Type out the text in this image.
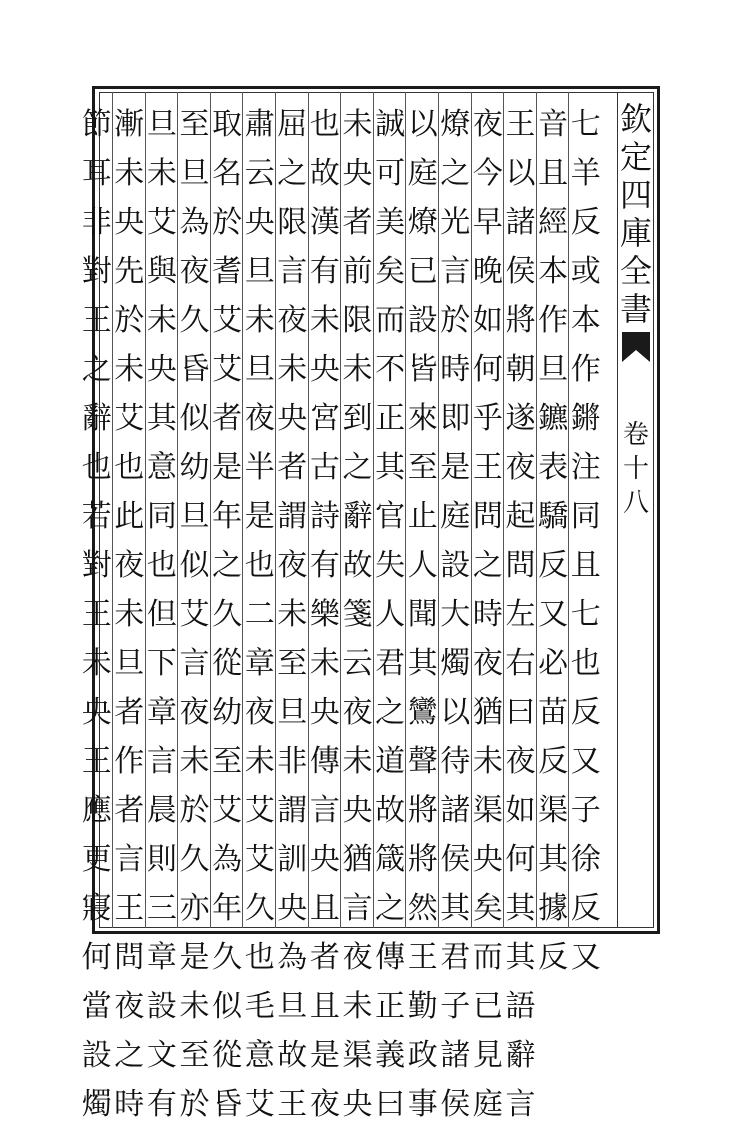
欽
定
四
庫
全
書
卷
十
八
七
羊
反
或
本
作
鏘
注
同
且
七
也
反
又
子
徐
反
又
音
且
經
本
作
旦
鑣
表
驕
反
又
必
苗
反
渠
其
據
反
王
以
諸
侯
將
朝
遂
夜
起
問
左
右
曰
夜
如
何
其
其
語
辭
言
夜
今
早
晚
如
何
乎
王
問
之
時
夜
猶
未
渠
央
矣
而
已
見
庭
燎
之
光
言
於
時
即
是
庭
設
大
燭
以
待
諸
侯
其
君
子
諸
侯
以
庭
燎
已
設
皆
來
至
止
人
聞
其
鸞
聲
將
將
然
王
勤
政
事
誠
可
美
矣
而
不
正
其
官
失
人
君
之
道
故
箴
之
傳
正
義
曰
未
央
者
前
限
未
到
之
辭
故
箋
云
夜
未
央
猶
言
夜
未
渠
央
也
故
漢
有
未
央
宮
古
詩
有
樂
未
央
傳
言
央
且
者
且
是
夜
屈
之
限
言
夜
未
央
者
謂
夜
未
至
旦
非
謂
訓
央
為
旦
故
王
肅
云
央
旦
未
旦
夜
半
是
也
二
章
夜
未
艾
艾
久
也
毛
意
艾
取
名
於
耆
艾
艾
者
是
年
之
久
從
幼
至
艾
為
年
久
似
從
昏
至
旦
為
夜
久
昏
似
幼
旦
似
艾
言
夜
未
於
久
亦
是
未
至
於
旦
未
艾
與
未
央
其
意
同
也
但
下
章
言
晨
則
三
章
設
文
有
漸
未
央
先
於
未
艾
也
此
夜
未
旦
者
作
者
言
王
問
夜
之
時
節
耳
非
對
王
之
辭
也
若
對
王
未
央
王
應
更
寢
何
當
設
燭
